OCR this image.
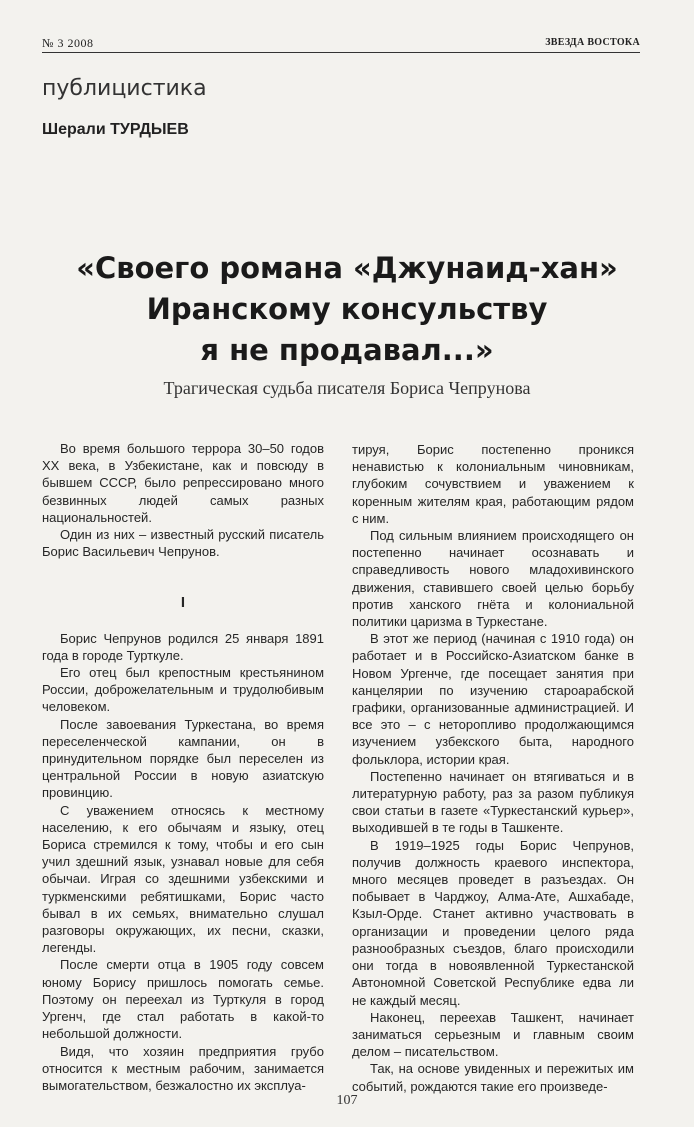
№ 3 2008	ЗВЕЗДА ВОСТОКА
публицистика
Шерали ТУРДЫЕВ
«Своего романа «Джунаид-хан»
Иранскому консульству
я не продавал...»
Трагическая судьба писателя Бориса Чепрунова

Во время большого террора 30–50 годов XX века, в Узбекистане, как и повсюду в бывшем СССР, было репрессировано много безвинных людей самых разных национальностей.

Один из них – известный русский писатель Борис Васильевич Чепрунов.

I

Борис Чепрунов родился 25 января 1891 года в городе Турткуле.

Его отец был крепостным крестьянином России, доброжелательным и трудолюбивым человеком.

После завоевания Туркестана, во время переселенческой кампании, он в принудительном порядке был переселен из центральной России в новую азиатскую провинцию.

С уважением относясь к местному населению, к его обычаям и языку, отец Бориса стремился к тому, чтобы и его сын учил здешний язык, узнавал новые для себя обычаи. Играя со здешними узбекскими и туркменскими ребятишками, Борис часто бывал в их семьях, внимательно слушал разговоры окружающих, их песни, сказки, легенды.

После смерти отца в 1905 году совсем юному Борису пришлось помогать семье. Поэтому он переехал из Турткуля в город Ургенч, где стал работать в какой-то небольшой должности.

Видя, что хозяин предприятия грубо относится к местным рабочим, занимается вымогательством, безжалостно их эксплуа-

тируя, Борис постепенно проникся ненавистью к колониальным чиновникам, глубоким сочувствием и уважением к коренным жителям края, работающим рядом с ним.

Под сильным влиянием происходящего он постепенно начинает осознавать и справедливость нового младохивинского движения, ставившего своей целью борьбу против ханского гнёта и колониальной политики царизма в Туркестане.

В этот же период (начиная с 1910 года) он работает и в Российско-Азиатском банке в Новом Ургенче, где посещает занятия при канцелярии по изучению староарабской графики, организованные администрацией. И все это – с неторопливо продолжающимся изучением узбекского быта, народного фольклора, истории края.

Постепенно начинает он втягиваться и в литературную работу, раз за разом публикуя свои статьи в газете «Туркестанский курьер», выходившей в те годы в Ташкенте.

В 1919–1925 годы Борис Чепрунов, получив должность краевого инспектора, много месяцев проведет в разъездах. Он побывает в Чарджоу, Алма-Ате, Ашхабаде, Кзыл-Орде. Станет активно участвовать в организации и проведении целого ряда разнообразных съездов, благо происходили они тогда в новоявленной Туркестанской Автономной Советской Республике едва ли не каждый месяц.

Наконец, переехав Ташкент, начинает заниматься серьезным и главным своим делом – писательством.

Так, на основе увиденных и пережитых им событий, рождаются такие его произведе-

107
